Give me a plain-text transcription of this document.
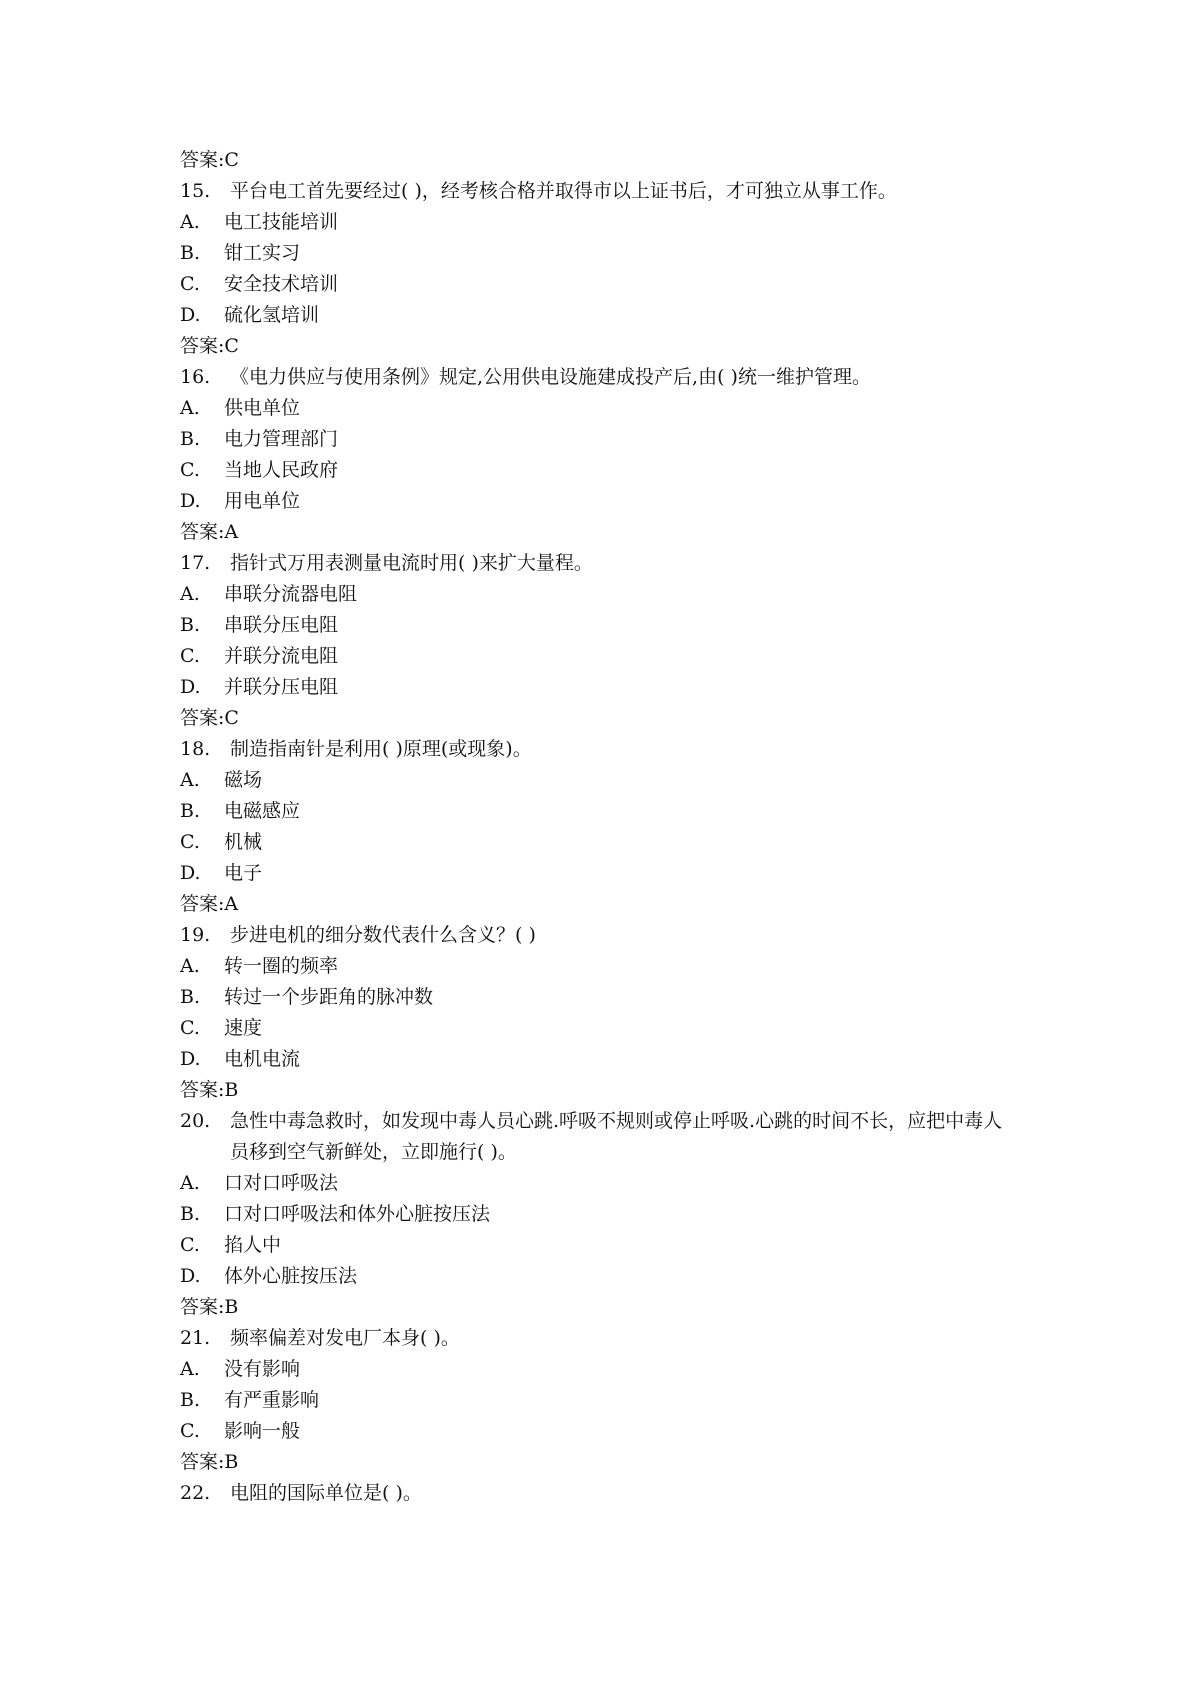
答案:C
15.	平台电工首先要经过( )，经考核合格并取得市以上证书后，才可独立从事工作。
A. 电工技能培训
B. 钳工实习
C. 安全技术培训
D. 硫化氢培训
答案:C
16.	《电力供应与使用条例》规定,公用供电设施建成投产后,由( )统一维护管理。
A. 供电单位
B. 电力管理部门
C. 当地人民政府
D. 用电单位
答案:A
17.	指针式万用表测量电流时用( )来扩大量程。
A. 串联分流器电阻
B. 串联分压电阻
C. 并联分流电阻
D. 并联分压电阻
答案:C
18.	制造指南针是利用( )原理(或现象)。
A. 磁场
B. 电磁感应
C. 机械
D. 电子
答案:A
19.	步进电机的细分数代表什么含义？( )
A. 转一圈的频率
B. 转过一个步距角的脉冲数
C. 速度
D. 电机电流
答案:B
20.	急性中毒急救时，如发现中毒人员心跳.呼吸不规则或停止呼吸.心跳的时间不长，应把中毒人员移到空气新鲜处，立即施行( )。
A. 口对口呼吸法
B. 口对口呼吸法和体外心脏按压法
C. 掐人中
D. 体外心脏按压法
答案:B
21.	频率偏差对发电厂本身( )。
A. 没有影响
B. 有严重影响
C. 影响一般
答案:B
22.	电阻的国际单位是( )。
